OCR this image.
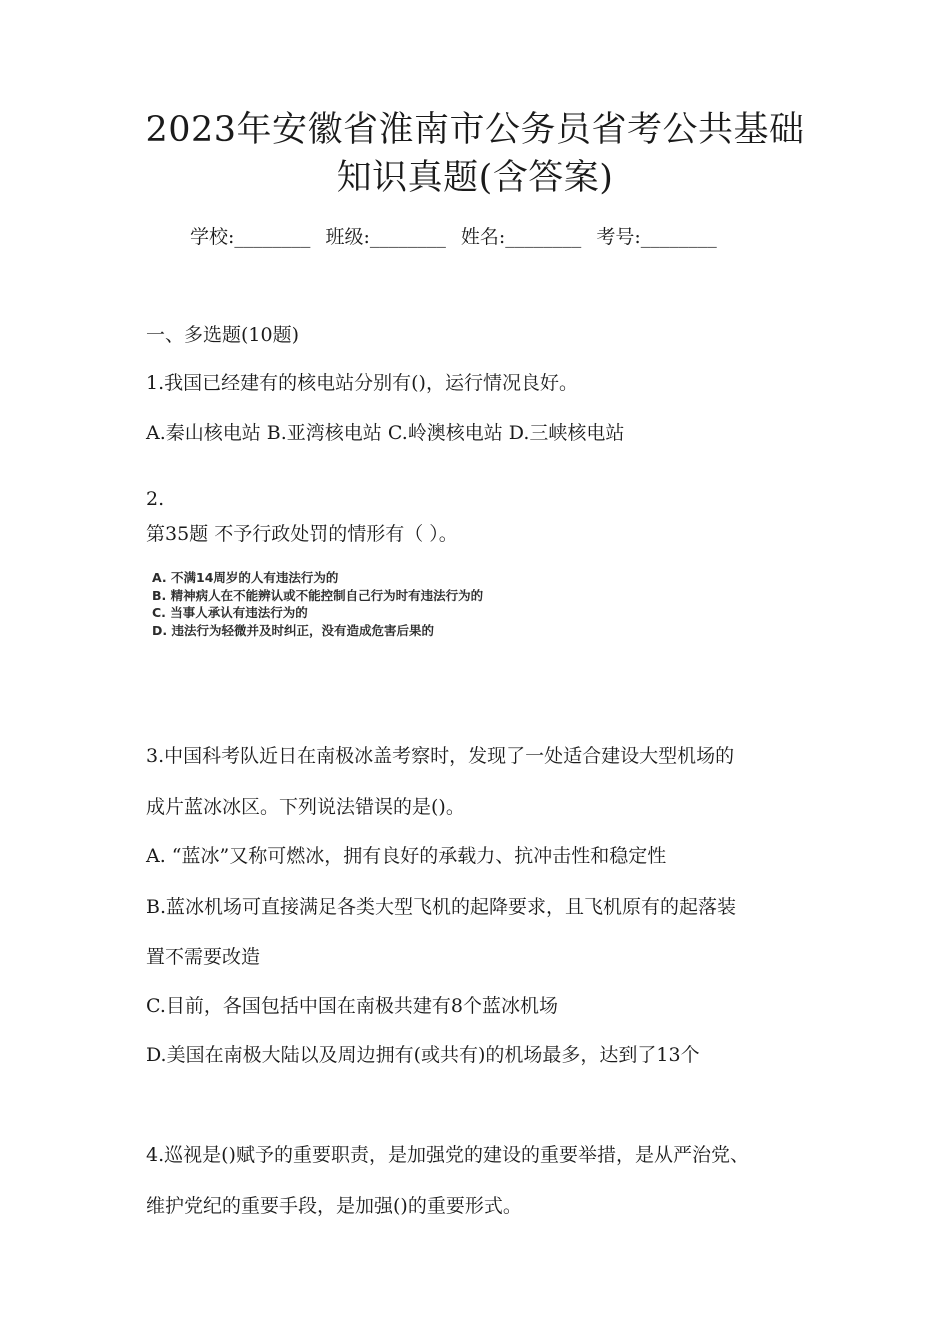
2023年安徽省淮南市公务员省考公共基础
知识真题(含答案)
学校:________ 班级:________ 姓名:________ 考号:________
一、多选题(10题)
1.我国已经建有的核电站分别有()，运行情况良好。
A.秦山核电站 B.亚湾核电站 C.岭澳核电站 D.三峡核电站
2.
第35题 不予行政处罚的情形有（ ）。
A. 不满14周岁的人有违法行为的
B. 精神病人在不能辨认或不能控制自己行为时有违法行为的
C. 当事人承认有违法行为的
D. 违法行为轻微并及时纠正，没有造成危害后果的
3.中国科考队近日在南极冰盖考察时，发现了一处适合建设大型机场的
成片蓝冰冰区。下列说法错误的是()。
A. “蓝冰”又称可燃冰，拥有良好的承载力、抗冲击性和稳定性
B.蓝冰机场可直接满足各类大型飞机的起降要求，且飞机原有的起落装
置不需要改造
C.目前，各国包括中国在南极共建有8个蓝冰机场
D.美国在南极大陆以及周边拥有(或共有)的机场最多，达到了13个
4.巡视是()赋予的重要职责，是加强党的建设的重要举措，是从严治党、
维护党纪的重要手段，是加强()的重要形式。
